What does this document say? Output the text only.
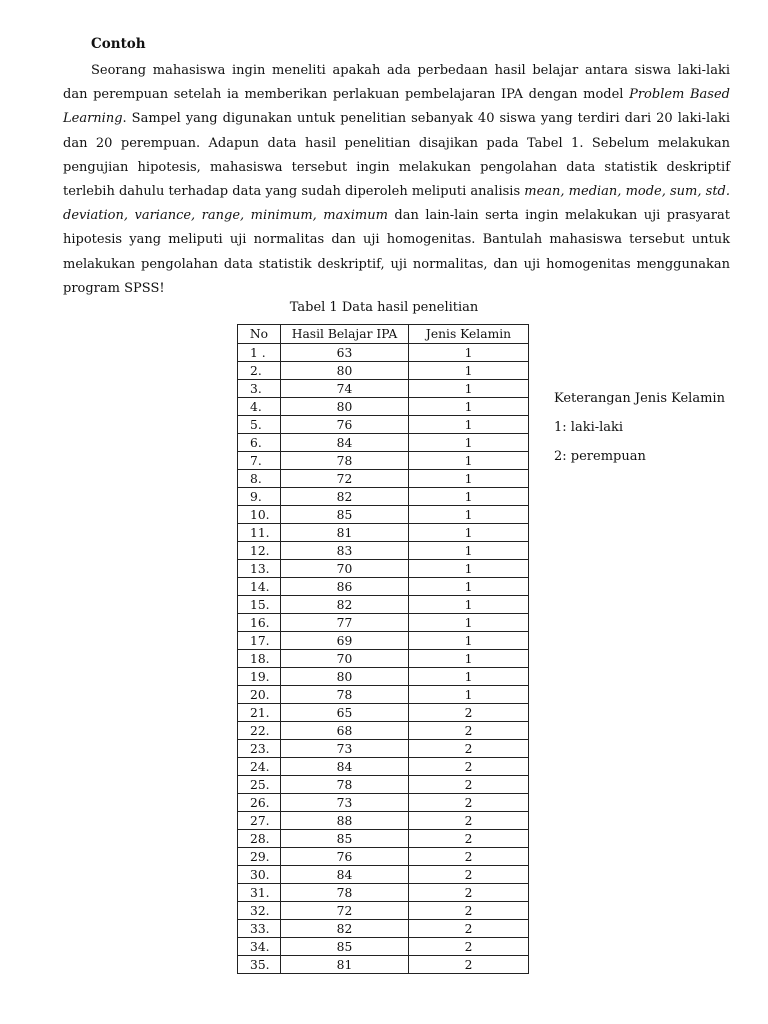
Contoh
Seorang mahasiswa ingin meneliti apakah ada perbedaan hasil belajar antara siswa laki-laki dan perempuan setelah ia memberikan perlakuan pembelajaran IPA dengan model Problem Based Learning. Sampel yang digunakan untuk penelitian sebanyak 40 siswa yang terdiri dari 20 laki-laki dan 20 perempuan. Adapun data hasil penelitian disajikan pada Tabel 1. Sebelum melakukan pengujian hipotesis, mahasiswa tersebut ingin melakukan pengolahan data statistik deskriptif terlebih dahulu terhadap data yang sudah diperoleh meliputi analisis mean, median, mode, sum, std. deviation, variance, range, minimum, maximum dan lain-lain serta ingin melakukan uji prasyarat hipotesis yang meliputi uji normalitas dan uji homogenitas. Bantulah mahasiswa tersebut untuk melakukan pengolahan data statistik deskriptif, uji normalitas, dan uji homogenitas menggunakan program SPSS!
Tabel 1 Data hasil penelitian
No	Hasil Belajar IPA	Jenis Kelamin
1 .	63	1
2.	80	1
3.	74	1
4.	80	1
5.	76	1
6.	84	1
7.	78	1
8.	72	1
9.	82	1
10.	85	1
11.	81	1
12.	83	1
13.	70	1
14.	86	1
15.	82	1
16.	77	1
17.	69	1
18.	70	1
19.	80	1
20.	78	1
21.	65	2
22.	68	2
23.	73	2
24.	84	2
25.	78	2
26.	73	2
27.	88	2
28.	85	2
29.	76	2
30.	84	2
31.	78	2
32.	72	2
33.	82	2
34.	85	2
35.	81	2
Keterangan Jenis Kelamin
1: laki-laki
2: perempuan
